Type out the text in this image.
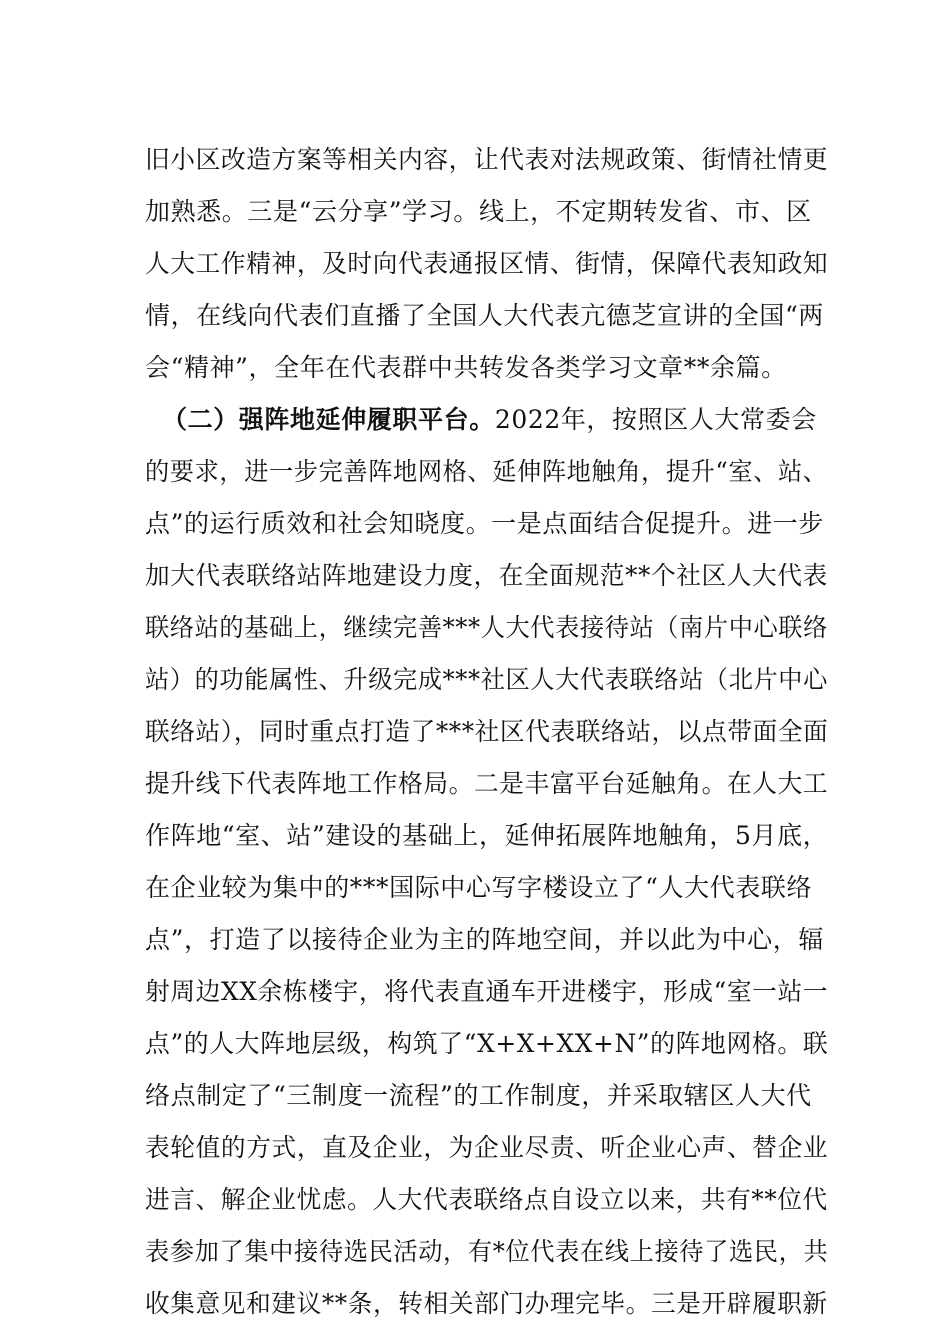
旧小区改造方案等相关内容，让代表对法规政策、街情社情更
加熟悉。三是“云分享”学习。线上，不定期转发省、市、区
人大工作精神，及时向代表通报区情、街情，保障代表知政知
情，在线向代表们直播了全国人大代表亢德芝宣讲的全国“两
会“精神”，全年在代表群中共转发各类学习文章**余篇。
（二）强阵地延伸履职平台。2022年，按照区人大常委会
的要求，进一步完善阵地网格、延伸阵地触角，提升“室、站、
点”的运行质效和社会知晓度。一是点面结合促提升。进一步
加大代表联络站阵地建设力度，在全面规范**个社区人大代表
联络站的基础上，继续完善***人大代表接待站（南片中心联络
站）的功能属性、升级完成***社区人大代表联络站（北片中心
联络站），同时重点打造了***社区代表联络站，以点带面全面
提升线下代表阵地工作格局。二是丰富平台延触角。在人大工
作阵地“室、站”建设的基础上，延伸拓展阵地触角，5月底，
在企业较为集中的***国际中心写字楼设立了“人大代表联络
点”，打造了以接待企业为主的阵地空间，并以此为中心，辐
射周边XX余栋楼宇，将代表直通车开进楼宇，形成“室一站一
点”的人大阵地层级，构筑了“X+X+XX+N”的阵地网格。联
络点制定了“三制度一流程”的工作制度，并采取辖区人大代
表轮值的方式，直及企业，为企业尽责、听企业心声、替企业
进言、解企业忧虑。人大代表联络点自设立以来，共有**位代
表参加了集中接待选民活动，有*位代表在线上接待了选民，共
收集意见和建议**条，转相关部门办理完毕。三是开辟履职新
